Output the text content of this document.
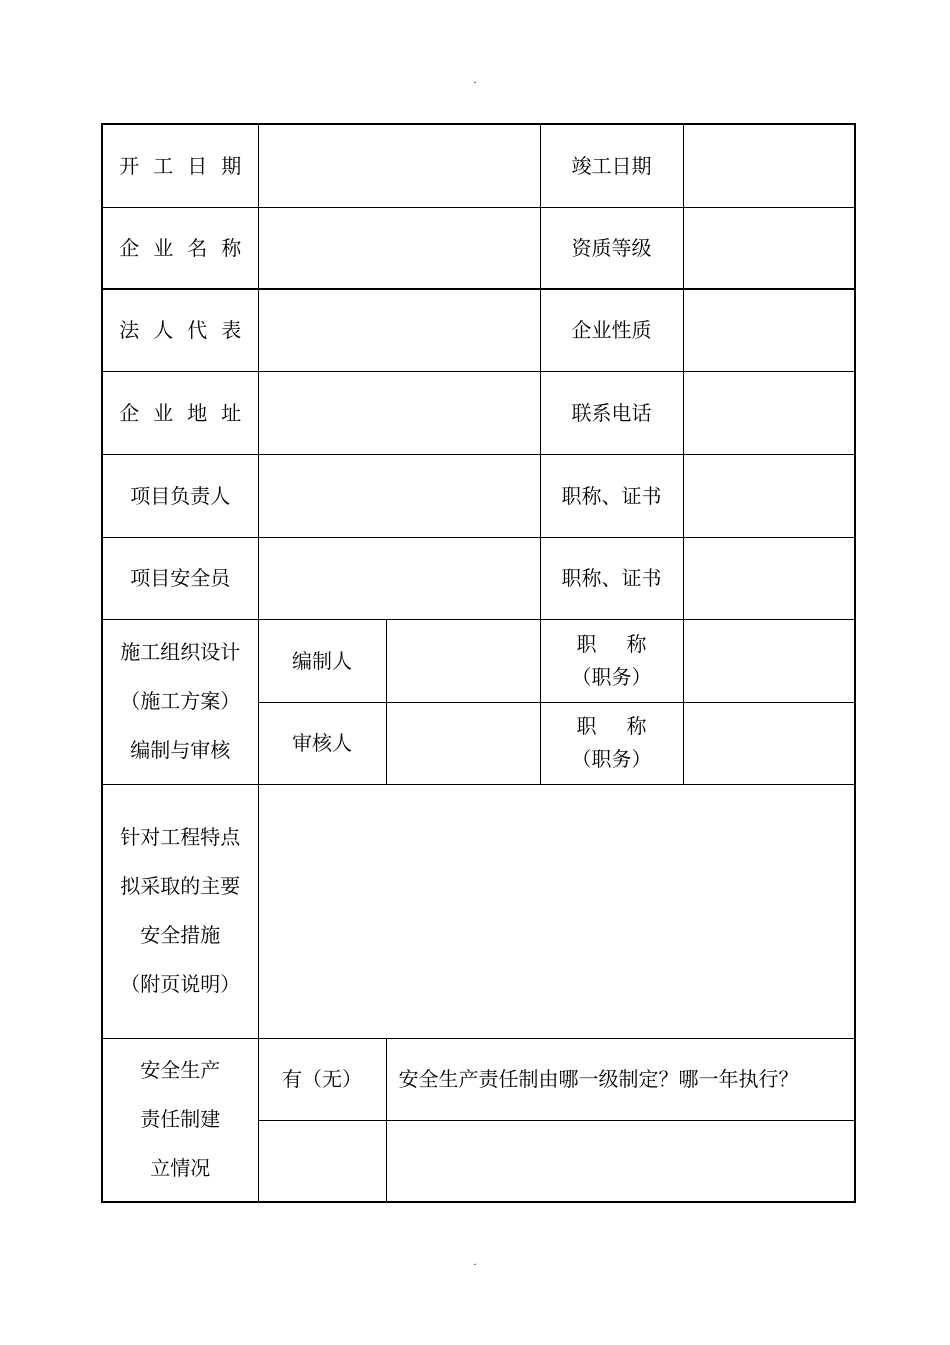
.
开工日期			竣工日期	
企业名称			资质等级	
法人代表			企业性质	
企业地址			联系电话	
项目负责人			职称、证书	
项目安全员			职称、证书	

施工组织设计
（施工方案）
编制与审核	编制人		职 称
（职务）	

	审核人		职 称
（职务）	

针对工程特点
拟采取的主要
安全措施
（附页说明）				

安全生产
责任制建
立情况	有（无）	安全生产责任制由哪一级制定？哪一年执行？		

.
